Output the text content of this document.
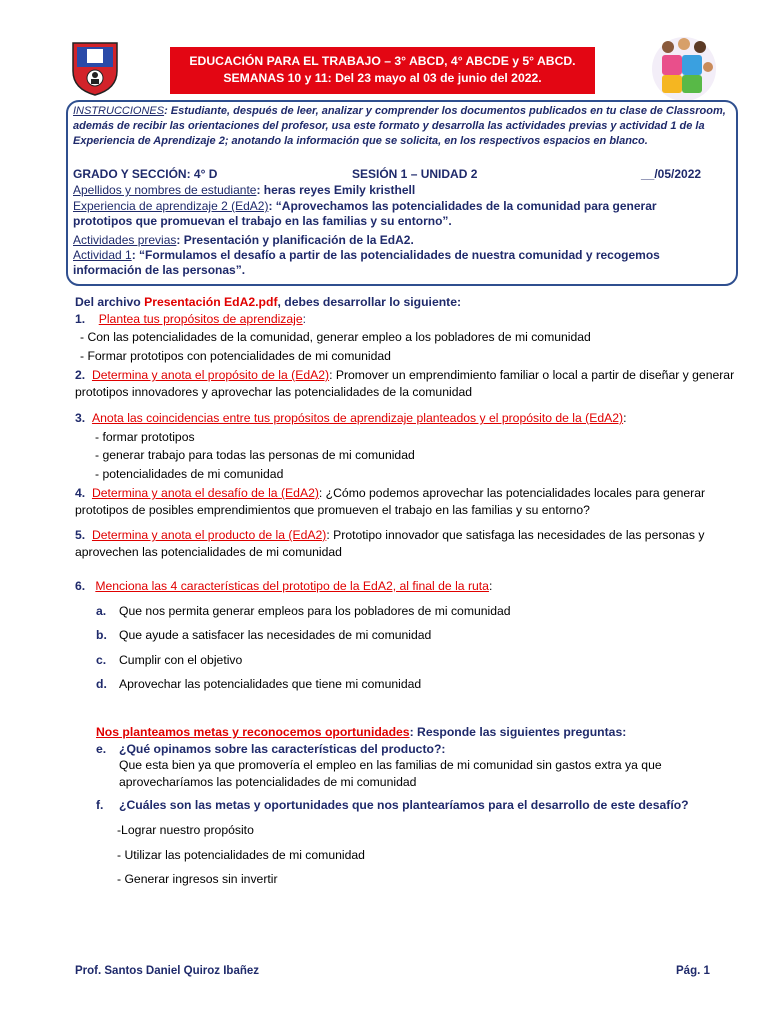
EDUCACIÓN PARA EL TRABAJO – 3° ABCD, 4° ABCDE y 5° ABCD.
SEMANAS 10 y 11: Del 23 mayo al 03 de junio del 2022.
INSTRUCCIONES: Estudiante, después de leer, analizar y comprender los documentos publicados en tu clase de Classroom, además de recibir las orientaciones del profesor, usa este formato y desarrolla las actividades previas y actividad 1 de la Experiencia de Aprendizaje 2; anotando la información que se solicita, en los respectivos espacios en blanco.
GRADO Y SECCIÓN: 4° D	SESIÓN 1 – UNIDAD 2	__/05/2022
Apellidos y nombres de estudiante: heras reyes Emily kristhell
Experiencia de aprendizaje 2 (EdA2): “Aprovechamos las potencialidades de la comunidad para generar prototipos que promuevan el trabajo en las familias y su entorno”.
Actividades previas: Presentación y planificación de la EdA2.
Actividad 1: “Formulamos el desafío a partir de las potencialidades de nuestra comunidad y recogemos información de las personas”.
Del archivo Presentación EdA2.pdf, debes desarrollar lo siguiente:
1. Plantea tus propósitos de aprendizaje:
- Con las potencialidades de la comunidad, generar empleo a los pobladores de mi comunidad
- Formar prototipos con potencialidades de mi comunidad
2. Determina y anota el propósito de la (EdA2): Promover un emprendimiento familiar o local a partir de diseñar y generar prototipos innovadores y aprovechar las potencialidades de la comunidad
3. Anota las coincidencias entre tus propósitos de aprendizaje planteados y el propósito de la (EdA2):
- formar prototipos
- generar trabajo para todas las personas de mi comunidad
- potencialidades de mi comunidad
4. Determina y anota el desafío de la (EdA2): ¿Cómo podemos aprovechar las potencialidades locales para generar prototipos de posibles emprendimientos que promueven el trabajo en las familias y su entorno?
5. Determina y anota el producto de la (EdA2): Prototipo innovador que satisfaga las necesidades de las personas y aprovechen las potencialidades de mi comunidad
6. Menciona las 4 características del prototipo de la EdA2, al final de la ruta:
a. Que nos permita generar empleos para los pobladores de mi comunidad
b. Que ayude a satisfacer las necesidades de mi comunidad
c. Cumplir con el objetivo
d. Aprovechar las potencialidades que tiene mi comunidad
Nos planteamos metas y reconocemos oportunidades: Responde las siguientes preguntas:
e. ¿Qué opinamos sobre las características del producto?:
Que esta bien ya que promovería el empleo en las familias de mi comunidad sin gastos extra ya que aprovecharíamos las potencialidades de mi comunidad
f. ¿Cuáles son las metas y oportunidades que nos plantearíamos para el desarrollo de este desafío?
-Lograr nuestro propósito
- Utilizar las potencialidades de mi comunidad
- Generar ingresos sin invertir
Prof. Santos Daniel Quiroz Ibañez	Pág. 1
